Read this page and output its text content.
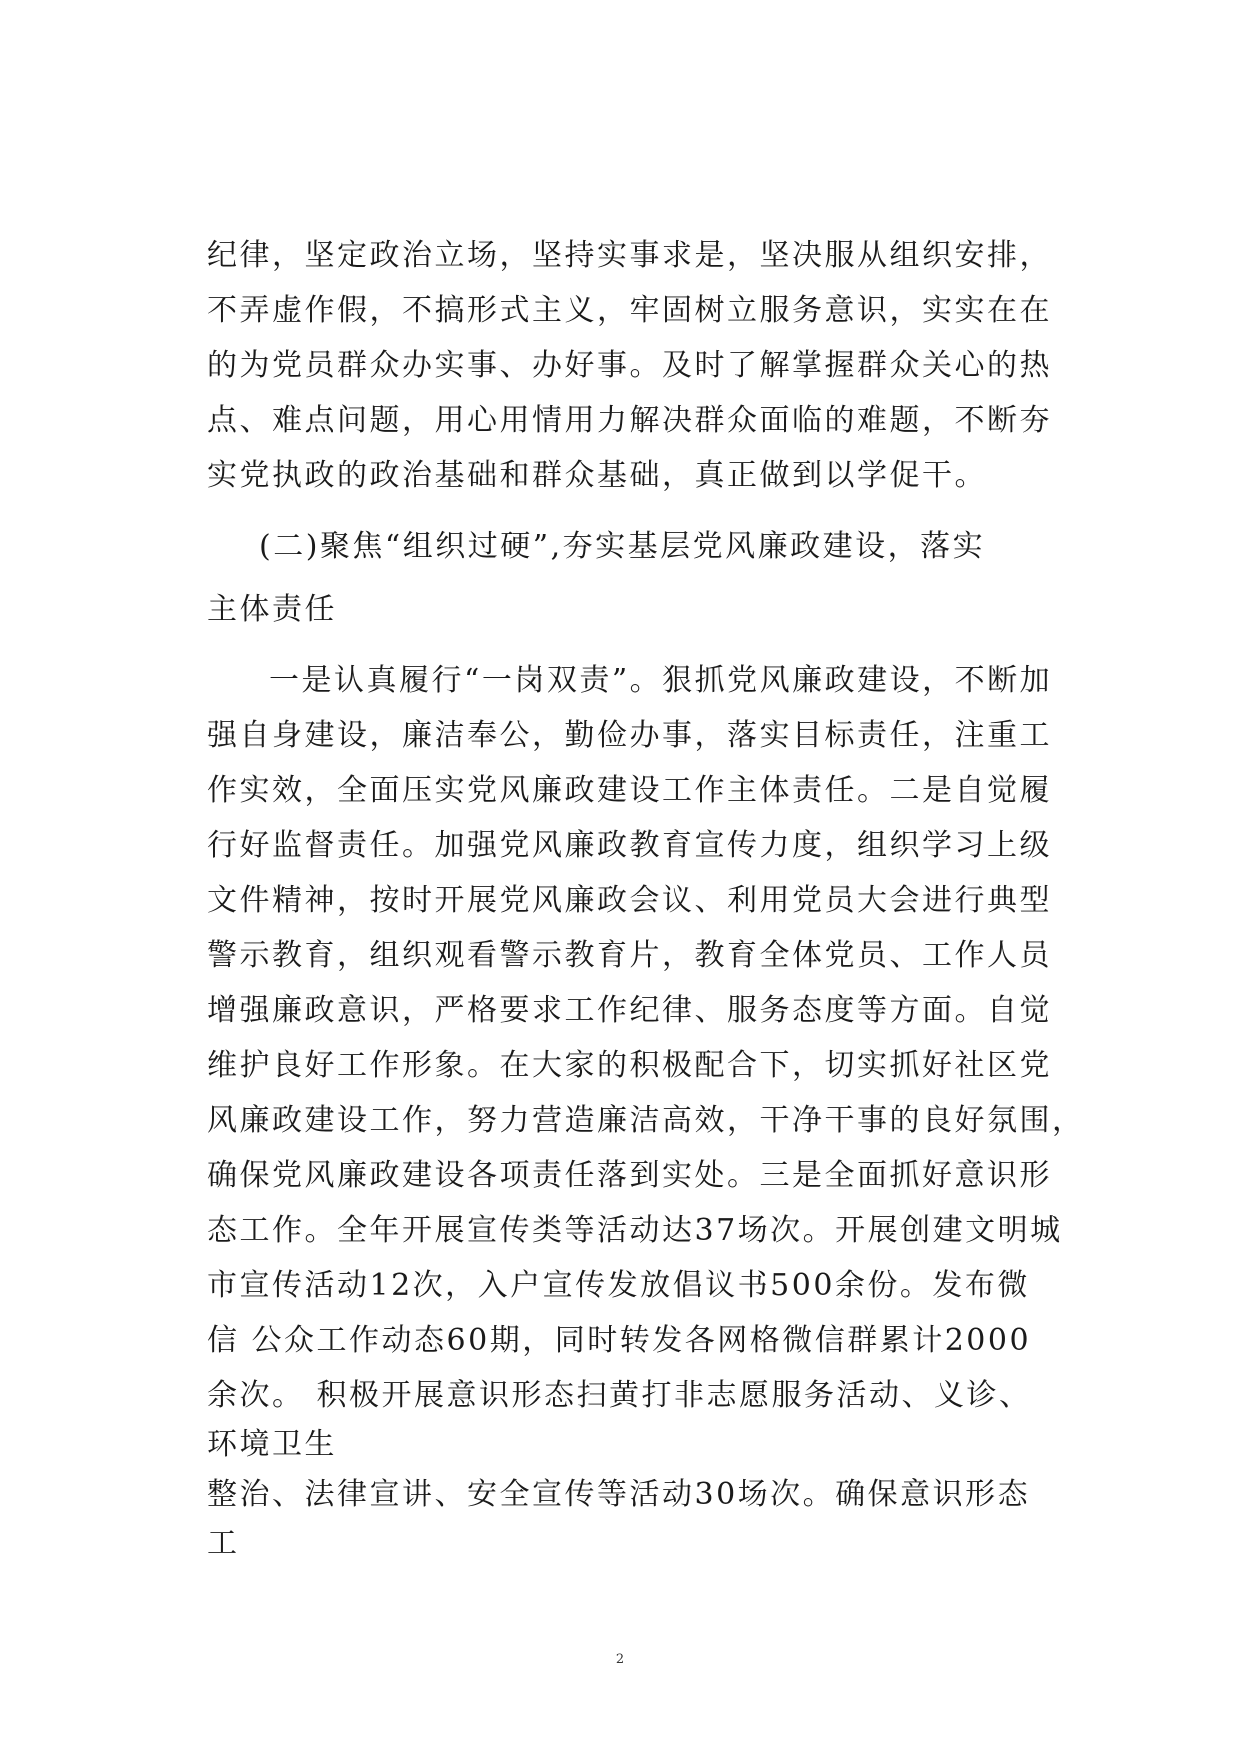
纪律，坚定政治立场，坚持实事求是，坚决服从组织安排，
不弄虚作假，不搞形式主义，牢固树立服务意识，实实在在
的为党员群众办实事、办好事。及时了解掌握群众关心的热
点、难点问题，用心用情用力解决群众面临的难题，不断夯
实党执政的政治基础和群众基础，真正做到以学促干。
(二)聚焦“组织过硬”,夯实基层党风廉政建设，落实
主体责任
一是认真履行“一岗双责”。狠抓党风廉政建设，不断加
强自身建设，廉洁奉公，勤俭办事，落实目标责任，注重工
作实效，全面压实党风廉政建设工作主体责任。二是自觉履
行好监督责任。加强党风廉政教育宣传力度，组织学习上级
文件精神，按时开展党风廉政会议、利用党员大会进行典型
警示教育，组织观看警示教育片，教育全体党员、工作人员
增强廉政意识，严格要求工作纪律、服务态度等方面。自觉
维护良好工作形象。在大家的积极配合下，切实抓好社区党
风廉政建设工作，努力营造廉洁高效，干净干事的良好氛围，
确保党风廉政建设各项责任落到实处。三是全面抓好意识形
态工作。全年开展宣传类等活动达37场次。开展创建文明城
市宣传活动12次，入户宣传发放倡议书500余份。发布微
信 公众工作动态60期，同时转发各网格微信群累计2000
余次。 积极开展意识形态扫黄打非志愿服务活动、义诊、
环境卫生
整治、法律宣讲、安全宣传等活动30场次。确保意识形态
工
2
